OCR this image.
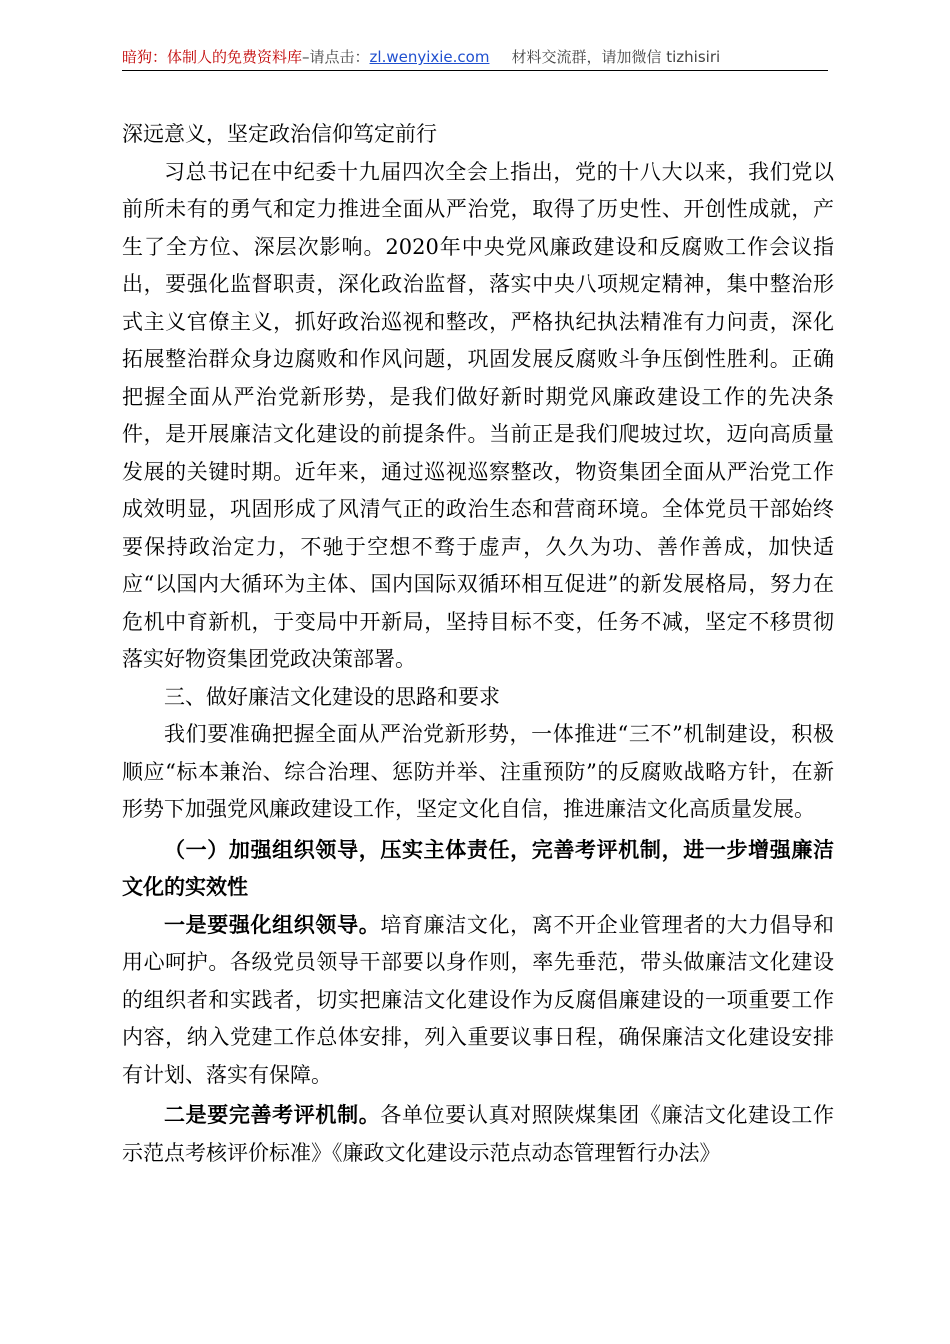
暗狗：体制人的免费资料库–请点击：zl.wenyixie.com 材料交流群，请加微信 tizhisiri

深远意义，坚定政治信仰笃定前行

习总书记在中纪委十九届四次全会上指出，党的十八大以来，我们党以前所未有的勇气和定力推进全面从严治党，取得了历史性、开创性成就，产生了全方位、深层次影响。2020年中央党风廉政建设和反腐败工作会议指出，要强化监督职责，深化政治监督，落实中央八项规定精神，集中整治形式主义官僚主义，抓好政治巡视和整改，严格执纪执法精准有力问责，深化拓展整治群众身边腐败和作风问题，巩固发展反腐败斗争压倒性胜利。正确把握全面从严治党新形势，是我们做好新时期党风廉政建设工作的先决条件，是开展廉洁文化建设的前提条件。当前正是我们爬坡过坎，迈向高质量发展的关键时期。近年来，通过巡视巡察整改，物资集团全面从严治党工作成效明显，巩固形成了风清气正的政治生态和营商环境。全体党员干部始终要保持政治定力，不驰于空想不骛于虚声，久久为功、善作善成，加快适应“以国内大循环为主体、国内国际双循环相互促进”的新发展格局，努力在危机中育新机，于变局中开新局，坚持目标不变，任务不减，坚定不移贯彻落实好物资集团党政决策部署。

三、做好廉洁文化建设的思路和要求

我们要准确把握全面从严治党新形势，一体推进“三不”机制建设，积极顺应“标本兼治、综合治理、惩防并举、注重预防”的反腐败战略方针，在新形势下加强党风廉政建设工作，坚定文化自信，推进廉洁文化高质量发展。

（一）加强组织领导，压实主体责任，完善考评机制，进一步增强廉洁文化的实效性

一是要强化组织领导。培育廉洁文化，离不开企业管理者的大力倡导和用心呵护。各级党员领导干部要以身作则，率先垂范，带头做廉洁文化建设的组织者和实践者，切实把廉洁文化建设作为反腐倡廉建设的一项重要工作内容，纳入党建工作总体安排，列入重要议事日程，确保廉洁文化建设安排有计划、落实有保障。

二是要完善考评机制。各单位要认真对照陕煤集团《廉洁文化建设工作示范点考核评价标准》《廉政文化建设示范点动态管理暂行办法》
